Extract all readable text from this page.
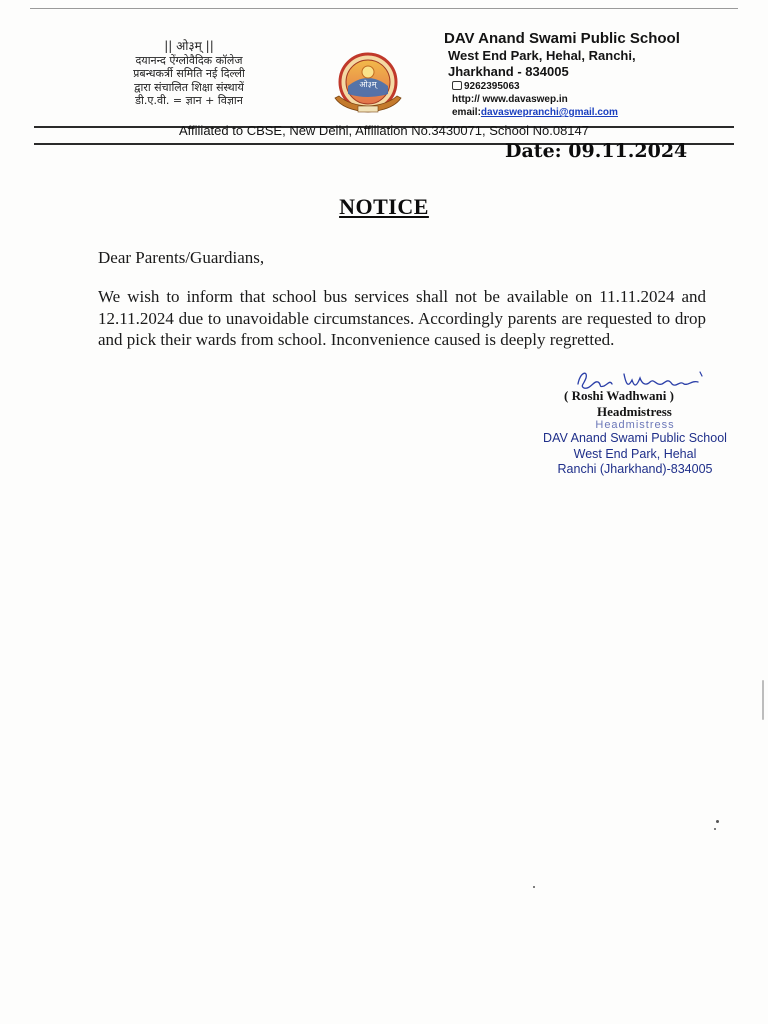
|| ओ३म् ||
दयानन्द ऐंग्लोवैदिक कॉलेज
प्रबन्धकर्त्री समिति नई दिल्ली
द्वारा संचालित शिक्षा संस्थायें
डी.ए.वी. = ज्ञान + विज्ञान
ओ३म्
DAV Anand Swami Public School
West End Park, Hehal, Ranchi,
Jharkhand - 834005
9262395063
http:// www.davaswep.in
email:davaswepranchi@gmail.com
Affiliated to CBSE, New Delhi, Affiliation No.3430071, School No.08147
Date: 09.11.2024
NOTICE
Dear Parents/Guardians,
We wish to inform that school bus services shall not be available on 11.11.2024 and 12.11.2024 due to unavoidable circumstances. Accordingly parents are requested to drop and pick their wards from school. Inconvenience caused is deeply regretted.
( Roshi Wadhwani )
Headmistress
Headmistress
DAV Anand Swami Public School
West End Park, Hehal
Ranchi (Jharkhand)-834005
